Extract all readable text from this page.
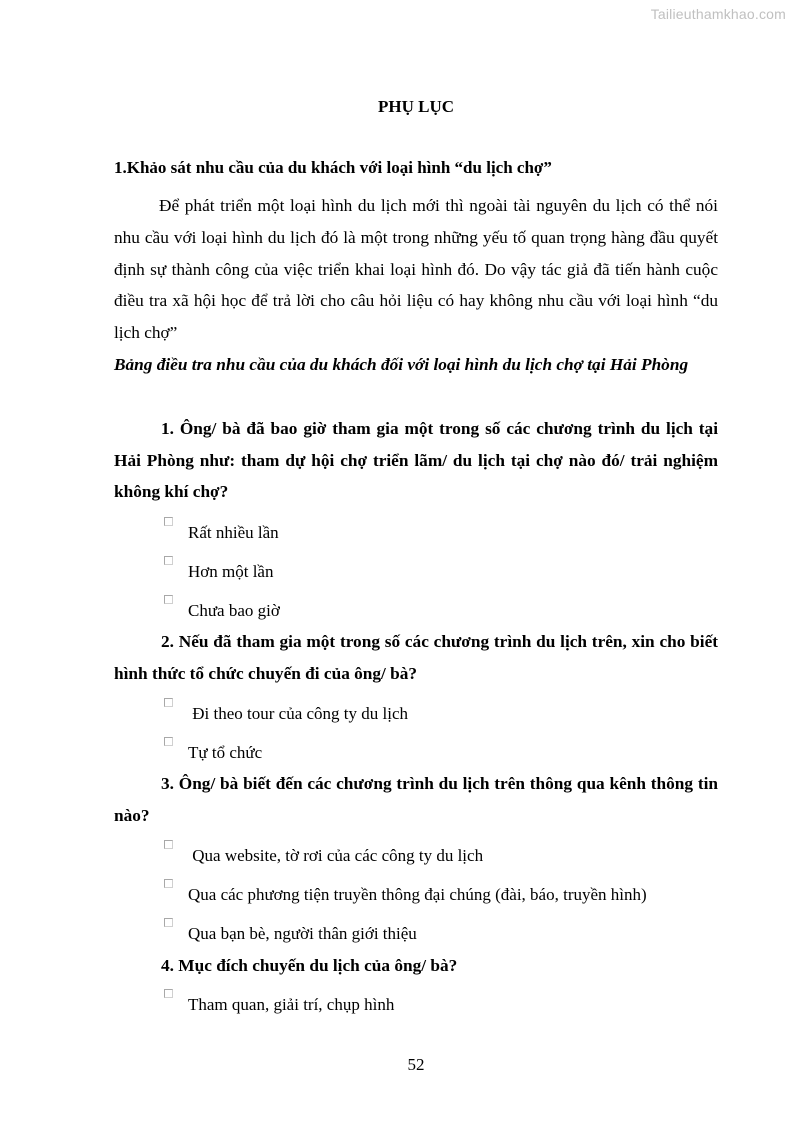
Tailieuthamkhao.com
PHỤ LỤC
1.Khảo sát nhu cầu của du khách với loại hình “du lịch chợ”

Để phát triển một loại hình du lịch mới thì ngoài tài nguyên du lịch có thể nói nhu cầu với loại hình du lịch đó là một trong những yếu tố quan trọng hàng đầu quyết định sự thành công của việc triển khai loại hình đó. Do vậy tác giả đã tiến hành cuộc điều tra xã hội học để trả lời cho câu hỏi liệu có hay không nhu cầu với loại hình “du lịch chợ”

Bảng điều tra nhu cầu của du khách đối với loại hình du lịch chợ tại Hải Phòng

1. Ông/ bà đã bao giờ tham gia một trong số các chương trình du lịch tại Hải Phòng như: tham dự hội chợ triển lãm/ du lịch tại chợ nào đó/ trải nghiệm không khí chợ?

Rất nhiều lần
Hơn một lần
Chưa bao giờ

2. Nếu đã tham gia một trong số các chương trình du lịch trên, xin cho biết hình thức tổ chức chuyến đi của ông/ bà?

Đi theo tour của công ty du lịch
Tự tổ chức

3. Ông/ bà biết đến các chương trình du lịch trên thông qua kênh thông tin nào?

Qua website, tờ rơi của các công ty du lịch
Qua các phương tiện truyền thông đại chúng (đài, báo, truyền hình)
Qua bạn bè, người thân giới thiệu

4. Mục đích chuyến du lịch của ông/ bà?

Tham quan, giải trí, chụp hình
52
